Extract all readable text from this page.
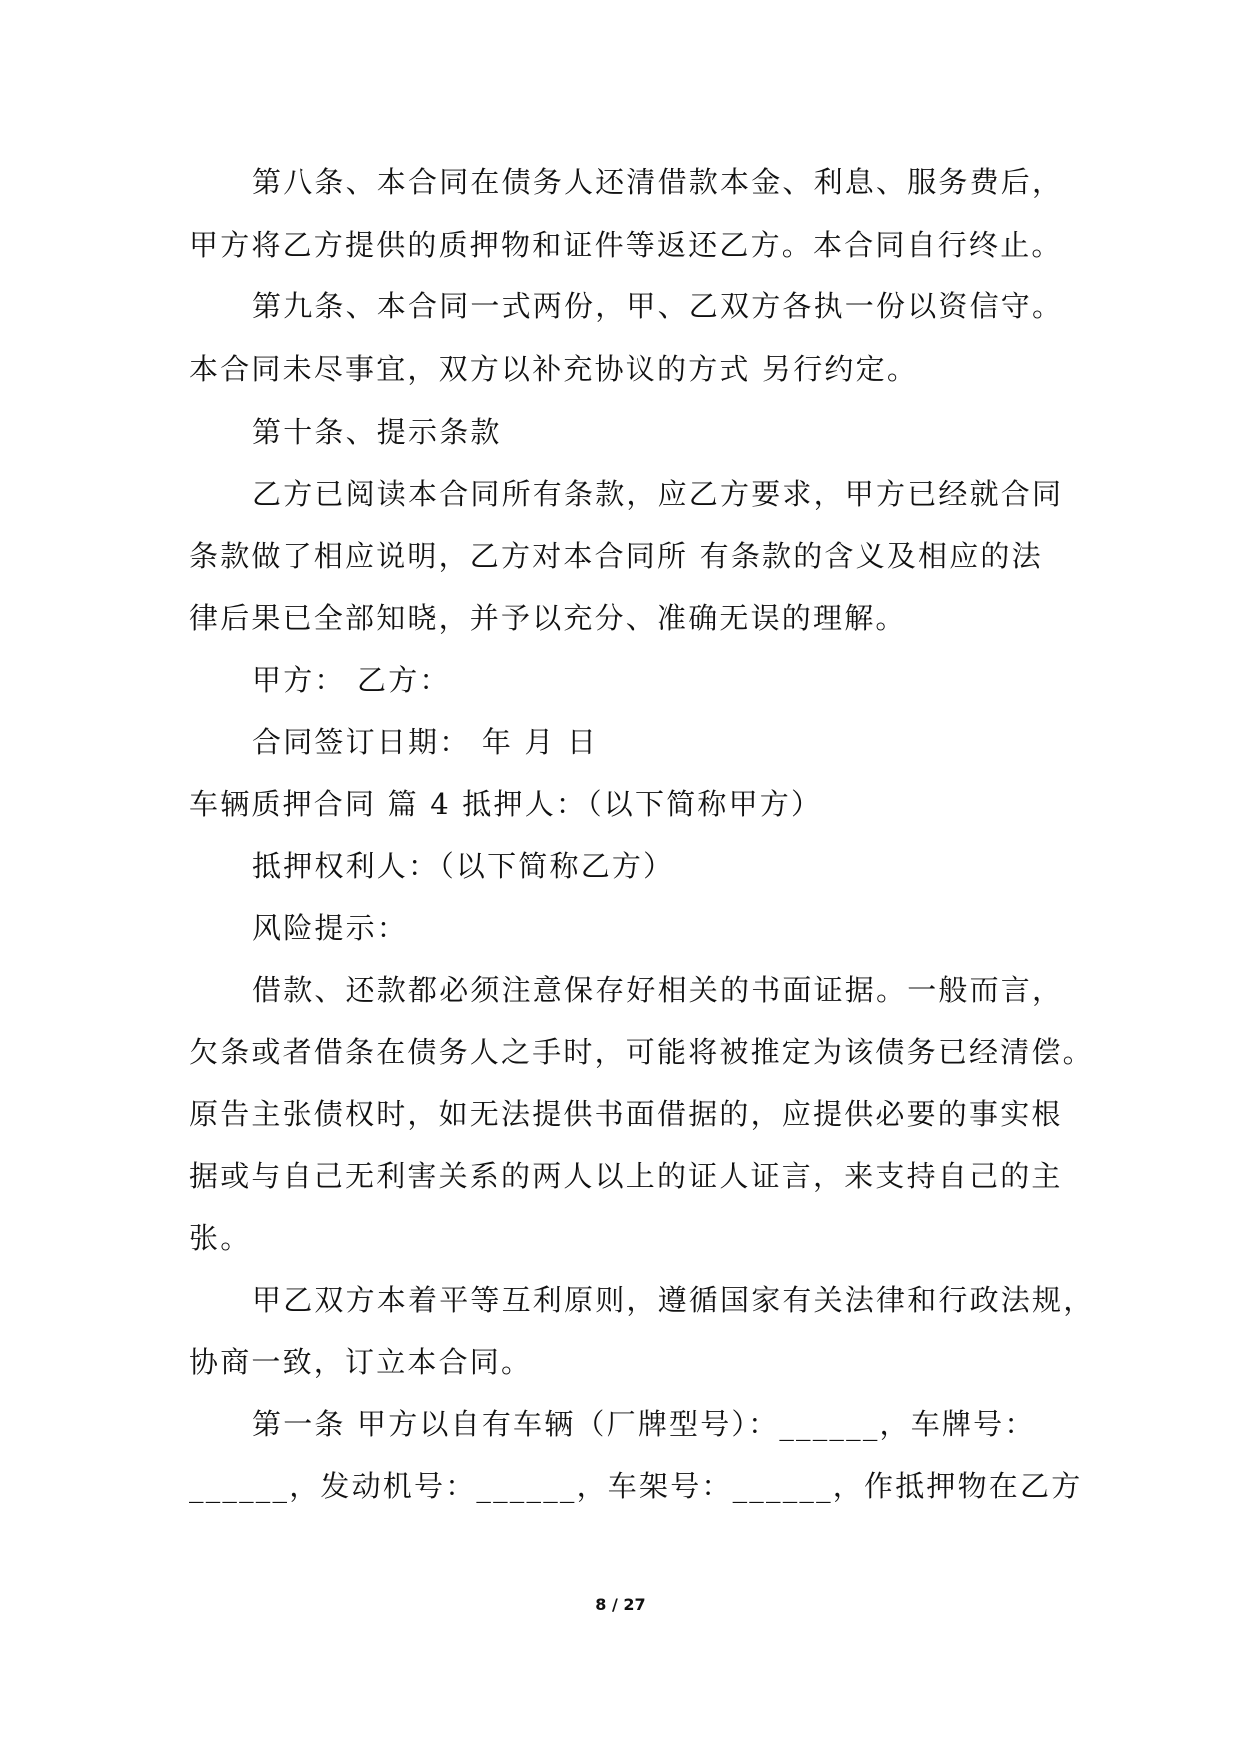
第八条、本合同在债务人还清借款本金、利息、服务费后，

甲方将乙方提供的质押物和证件等返还乙方。本合同自行终止。

第九条、本合同一式两份，甲、乙双方各执一份以资信守。

本合同未尽事宜，双方以补充协议的方式 另行约定。

第十条、提示条款

乙方已阅读本合同所有条款，应乙方要求，甲方已经就合同

条款做了相应说明，乙方对本合同所 有条款的含义及相应的法

律后果已全部知晓，并予以充分、准确无误的理解。

甲方： 乙方：

合同签订日期： 年 月 日

车辆质押合同 篇 4 抵押人：（以下简称甲方）

抵押权利人：（以下简称乙方）

风险提示：

借款、还款都必须注意保存好相关的书面证据。一般而言，

欠条或者借条在债务人之手时，可能将被推定为该债务已经清偿。

原告主张债权时，如无法提供书面借据的，应提供必要的事实根

据或与自己无利害关系的两人以上的证人证言，来支持自己的主

张。

甲乙双方本着平等互利原则，遵循国家有关法律和行政法规，

协商一致，订立本合同。

第一条 甲方以自有车辆（厂牌型号）：______，车牌号：

______，发动机号：______，车架号：______，作抵押物在乙方

8 / 27
